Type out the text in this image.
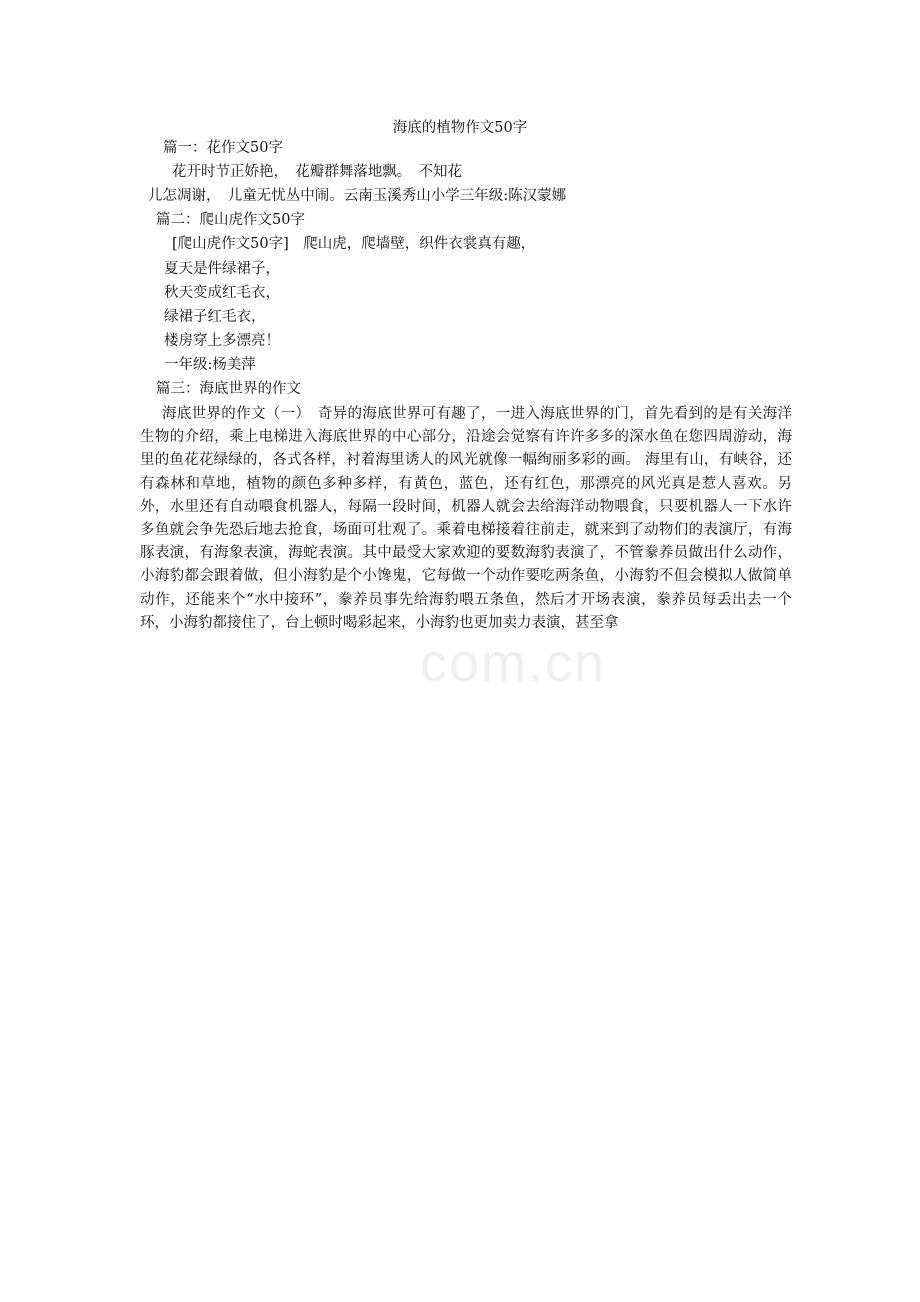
海底的植物作文50字
篇一：花作文50字
花开时节正娇艳，　花瓣群舞落地飘。　不知花
儿怎凋谢，　儿童无忧丛中闹。云南玉溪秀山小学三年级:陈汉蒙娜
篇二：爬山虎作文50字
[爬山虎作文50字]　爬山虎，爬墙壁，织件衣裳真有趣，
夏天是件绿裙子，
秋天变成红毛衣，
绿裙子红毛衣，
楼房穿上多漂亮！
一年级:杨美萍
篇三：海底世界的作文
海底世界的作文（一）　奇异的海底世界可有趣了，一进入海底世界的门，首先看到的是有关海洋生物的介绍，乘上电梯进入海底世界的中心部分，沿途会觉察有许许多多的深水鱼在您四周游动，海里的鱼花花绿绿的，各式各样，衬着海里诱人的风光就像一幅绚丽多彩的画。 海里有山，有峡谷，还有森林和草地，植物的颜色多种多样，有黄色，蓝色，还有红色，那漂亮的风光真是惹人喜欢。另外，水里还有自动喂食机器人，每隔一段时间，机器人就会去给海洋动物喂食，只要机器人一下水许多鱼就会争先恐后地去抢食，场面可壮观了。乘着电梯接着往前走，就来到了动物们的表演厅，有海豚表演，有海象表演，海蛇表演。其中最受大家欢迎的要数海豹表演了，不管豢养员做出什么动作，小海豹都会跟着做，但小海豹是个小馋鬼，它每做一个动作要吃两条鱼，小海豹不但会模拟人做简单动作，还能来个“水中接环”，豢养员事先给海豹喂五条鱼，然后才开场表演，豢养员每丢出去一个环，小海豹都接住了，台上顿时喝彩起来，小海豹也更加卖力表演，甚至拿
com.cn
